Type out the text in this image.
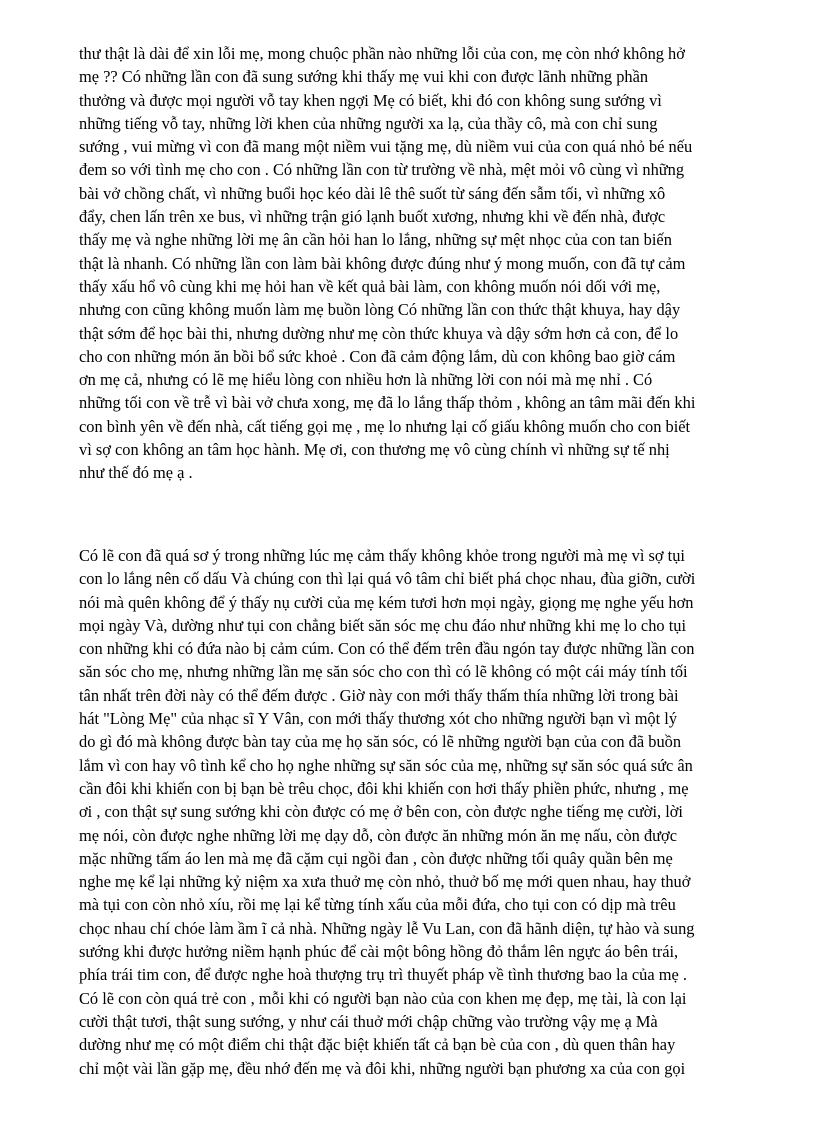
thư thật là dài để xin lỗi mẹ, mong chuộc phần nào những lỗi của con, mẹ còn nhớ không hở
mẹ ?? Có những lần con đã sung sướng khi thấy mẹ vui khi con được lãnh những phần
thưởng và được mọi người vỗ tay khen ngợi Mẹ có biết, khi đó con không sung sướng vì
những tiếng vỗ tay, những lời khen của những người xa lạ, của thầy cô, mà con chỉ sung
sướng , vui mừng vì con đã mang một niềm vui tặng mẹ, dù niềm vui của con quá nhỏ bé nếu
đem so với tình mẹ cho con . Có những lần con từ trường về nhà, mệt mỏi vô cùng vì những
bài vở chồng chất, vì những buổi học kéo dài lê thê suốt từ sáng đến sẫm tối, vì những xô
đẩy, chen lấn trên xe bus, vì những trận gió lạnh buốt xương, nhưng khi về đến nhà, được
thấy mẹ và nghe những lời mẹ ân cần hỏi han lo lắng, những sự mệt nhọc của con tan biến
thật là nhanh. Có những lần con làm bài không được đúng như ý mong muốn, con đã tự cảm
thấy xấu hổ vô cùng khi mẹ hỏi han về kết quả bài làm, con không muốn nói dối với mẹ,
nhưng con cũng không muốn làm mẹ buồn lòng Có những lần con thức thật khuya, hay dậy
thật sớm để học bài thi, nhưng dường như mẹ còn thức khuya và dậy sớm hơn cả con, để lo
cho con những món ăn bồi bổ sức khoẻ . Con đã cảm động lắm, dù con không bao giờ cám
ơn mẹ cả, nhưng có lẽ mẹ hiểu lòng con nhiều hơn là những lời con nói mà mẹ nhỉ . Có
những tối con về trễ vì bài vở chưa xong, mẹ đã lo lắng thấp thỏm , không an tâm mãi đến khi
con bình yên về đến nhà, cất tiếng gọi mẹ , mẹ lo nhưng lại cố giấu không muốn cho con biết
vì sợ con không an tâm học hành. Mẹ ơi, con thương mẹ vô cùng chính vì những sự tế nhị
như thế đó mẹ ạ .
Có lẽ con đã quá sơ ý trong những lúc mẹ cảm thấy không khỏe trong người mà mẹ vì sợ tụi
con lo lắng nên cố dấu Và chúng con thì lại quá vô tâm chỉ biết phá chọc nhau, đùa giỡn, cười
nói mà quên không để ý thấy nụ cười của mẹ kém tươi hơn mọi ngày, giọng mẹ nghe yếu hơn
mọi ngày Và, dường như tụi con chẳng biết săn sóc mẹ chu đáo như những khi mẹ lo cho tụi
con những khi có đứa nào bị cảm cúm. Con có thể đếm trên đầu ngón tay được những lần con
săn sóc cho mẹ, nhưng những lần mẹ săn sóc cho con thì có lẽ không có một cái máy tính tối
tân nhất trên đời này có thể đếm được . Giờ này con mới thấy thấm thía những lời trong bài
hát "Lòng Mẹ" của nhạc sĩ Y Vân, con mới thấy thương xót cho những người bạn vì một lý
do gì đó mà không được bàn tay của mẹ họ săn sóc, có lẽ những người bạn của con đã buồn
lắm vì con hay vô tình kể cho họ nghe những sự săn sóc của mẹ, những sự săn sóc quá sức ân
cần đôi khi khiến con bị bạn bè trêu chọc, đôi khi khiến con hơi thấy phiền phức, nhưng , mẹ
ơi , con thật sự sung sướng khi còn được có mẹ ở bên con, còn được nghe tiếng mẹ cười, lời
mẹ nói, còn được nghe những lời mẹ dạy dỗ, còn được ăn những món ăn mẹ nấu, còn được
mặc những tấm áo len mà mẹ đã cặm cụi ngồi đan , còn được những tối quây quần bên mẹ
nghe mẹ kể lại những kỷ niệm xa xưa thuở mẹ còn nhỏ, thuở bố mẹ mới quen nhau, hay thuở
mà tụi con còn nhỏ xíu, rồi mẹ lại kể từng tính xấu của mỗi đứa, cho tụi con có dịp mà trêu
chọc nhau chí chóe làm ầm ĩ cả nhà. Những ngày lễ Vu Lan, con đã hãnh diện, tự hào và sung
sướng khi được hưởng niềm hạnh phúc để cài một bông hồng đỏ thắm lên ngực áo bên trái,
phía trái tim con, để được nghe hoà thượng trụ trì thuyết pháp về tình thương bao la của mẹ .
Có lẽ con còn quá trẻ con , mỗi khi có người bạn nào của con khen mẹ đẹp, mẹ tài, là con lại
cười thật tươi, thật sung sướng, y như cái thuở mới chập chững vào trường vậy mẹ ạ Mà
dường như mẹ có một điểm chi thật đặc biệt khiến tất cả bạn bè của con , dù quen thân hay
chỉ một vài lần gặp mẹ, đều nhớ đến mẹ và đôi khi, những người bạn phương xa của con gọi
